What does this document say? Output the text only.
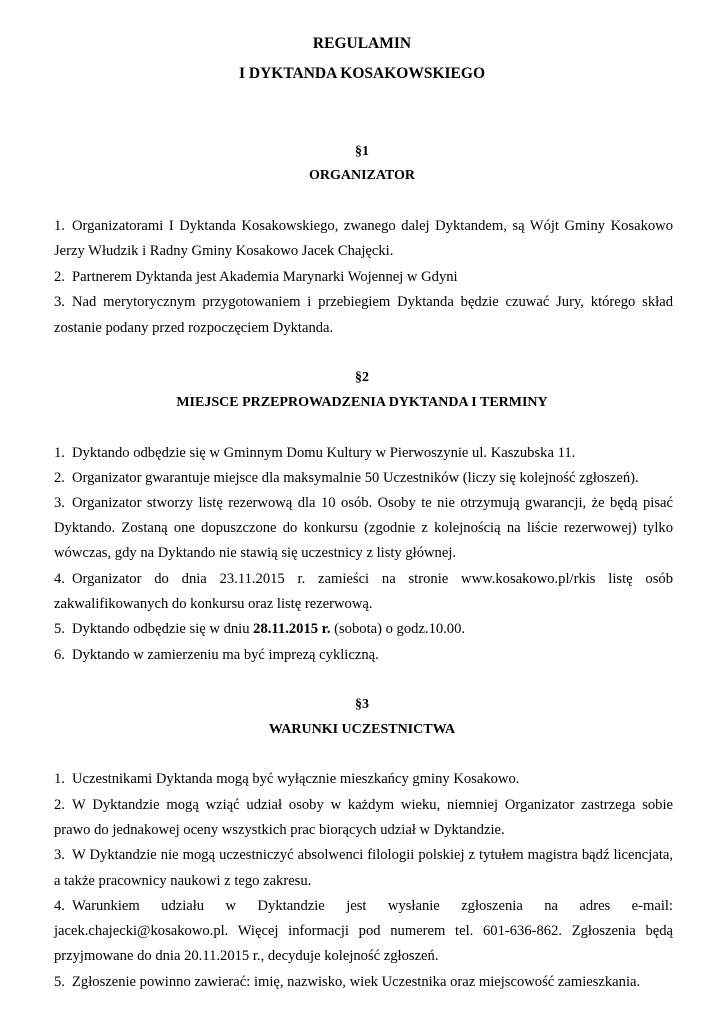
REGULAMIN
I DYKTANDA KOSAKOWSKIEGO
§1
ORGANIZATOR
1. Organizatorami I Dyktanda Kosakowskiego, zwanego dalej Dyktandem, są Wójt Gminy Kosakowo
Jerzy Włudzik i Radny Gminy Kosakowo Jacek Chajęcki.
2. Partnerem Dyktanda jest Akademia Marynarki Wojennej w Gdyni
3. Nad merytorycznym przygotowaniem i przebiegiem Dyktanda będzie czuwać Jury, którego skład
zostanie podany przed rozpoczęciem Dyktanda.
§2
MIEJSCE PRZEPROWADZENIA DYKTANDA I TERMINY
1. Dyktando odbędzie się w Gminnym Domu Kultury w Pierwoszynie ul. Kaszubska 11.
2. Organizator gwarantuje miejsce dla maksymalnie 50 Uczestników (liczy się kolejność zgłoszeń).
3. Organizator stworzy listę rezerwową dla 10 osób. Osoby te nie otrzymują gwarancji, że będą pisać
Dyktando. Zostaną one dopuszczone do konkursu (zgodnie z kolejnością na liście rezerwowej) tylko
wówczas, gdy na Dyktando nie stawią się uczestnicy z listy głównej.
4. Organizator do dnia 23.11.2015 r. zamieści na stronie www.kosakowo.pl/rkis listę osób
zakwalifikowanych do konkursu oraz listę rezerwową.
5. Dyktando odbędzie się w dniu 28.11.2015 r. (sobota) o godz.10.00.
6. Dyktando w zamierzeniu ma być imprezą cykliczną.
§3
WARUNKI UCZESTNICTWA
1. Uczestnikami Dyktanda mogą być wyłącznie mieszkańcy gminy Kosakowo.
2. W Dyktandzie mogą wziąć udział osoby w każdym wieku, niemniej Organizator zastrzega sobie
prawo do jednakowej oceny wszystkich prac biorących udział w Dyktandzie.
3. W Dyktandzie nie mogą uczestniczyć absolwenci filologii polskiej z tytułem magistra bądź licencjata,
a także pracownicy naukowi z tego zakresu.
4. Warunkiem udziału w Dyktandzie jest wysłanie zgłoszenia na adres e-mail:
jacek.chajecki@kosakowo.pl. Więcej informacji pod numerem tel. 601-636-862. Zgłoszenia będą
przyjmowane do dnia 20.11.2015 r., decyduje kolejność zgłoszeń.
5. Zgłoszenie powinno zawierać: imię, nazwisko, wiek Uczestnika oraz miejscowość zamieszkania.
